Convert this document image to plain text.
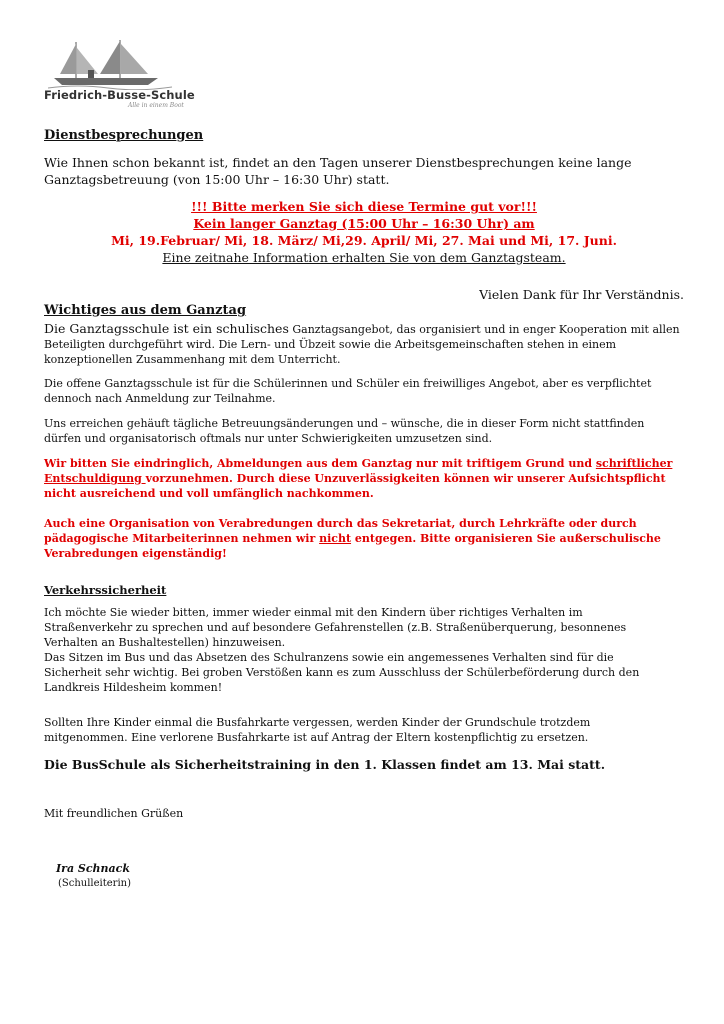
Friedrich-Busse-Schule
Alle in einem Boot
Dienstbesprechungen

Wie Ihnen schon bekannt ist, findet an den Tagen unserer Dienstbesprechungen keine lange

Ganztagsbetreuung (von 15:00 Uhr – 16:30 Uhr) statt.

!!! Bitte merken Sie sich diese Termine gut vor!!!

Kein langer Ganztag (15:00 Uhr – 16:30 Uhr) am

Mi, 19.Februar/ Mi, 18. März/ Mi,29. April/ Mi, 27. Mai und Mi, 17. Juni.

Eine zeitnahe Information erhalten Sie von dem Ganztagsteam.

Vielen Dank für Ihr Verständnis.

Wichtiges aus dem Ganztag

Die Ganztagsschule ist ein schulisches Ganztagsangebot, das organisiert und in enger Kooperation mit allen

Beteiligten durchgeführt wird. Die Lern- und Übzeit sowie die Arbeitsgemeinschaften stehen in einem

konzeptionellen Zusammenhang mit dem Unterricht.

Die offene Ganztagsschule ist für die Schülerinnen und Schüler ein freiwilliges Angebot, aber es verpflichtet

dennoch nach Anmeldung zur Teilnahme.

Uns erreichen gehäuft tägliche Betreuungsänderungen und – wünsche, die in dieser Form nicht stattfinden

dürfen und organisatorisch oftmals nur unter Schwierigkeiten umzusetzen sind.

Wir bitten Sie eindringlich, Abmeldungen aus dem Ganztag nur mit triftigem Grund und schriftlicher

Entschuldigung vorzunehmen. Durch diese Unzuverlässigkeiten können wir unserer Aufsichtspflicht

nicht ausreichend und voll umfänglich nachkommen.

Auch eine Organisation von Verabredungen durch das Sekretariat, durch Lehrkräfte oder durch

pädagogische Mitarbeiterinnen nehmen wir nicht entgegen. Bitte organisieren Sie außerschulische

Verabredungen eigenständig!

Verkehrssicherheit

Ich möchte Sie wieder bitten, immer wieder einmal mit den Kindern über richtiges Verhalten im

Straßenverkehr zu sprechen und auf besondere Gefahrenstellen (z.B. Straßenüberquerung, besonnenes

Verhalten an Bushaltestellen) hinzuweisen.

Das Sitzen im Bus und das Absetzen des Schulranzens sowie ein angemessenes Verhalten sind für die

Sicherheit sehr wichtig. Bei groben Verstößen kann es zum Ausschluss der Schülerbeförderung durch den

Landkreis Hildesheim kommen!

Sollten Ihre Kinder einmal die Busfahrkarte vergessen, werden Kinder der Grundschule trotzdem

mitgenommen. Eine verlorene Busfahrkarte ist auf Antrag der Eltern kostenpflichtig zu ersetzen.

Die BusSchule als Sicherheitstraining in den 1. Klassen findet am 13. Mai statt.

Mit freundlichen Grüßen

Ira Schnack
(Schulleiterin)
